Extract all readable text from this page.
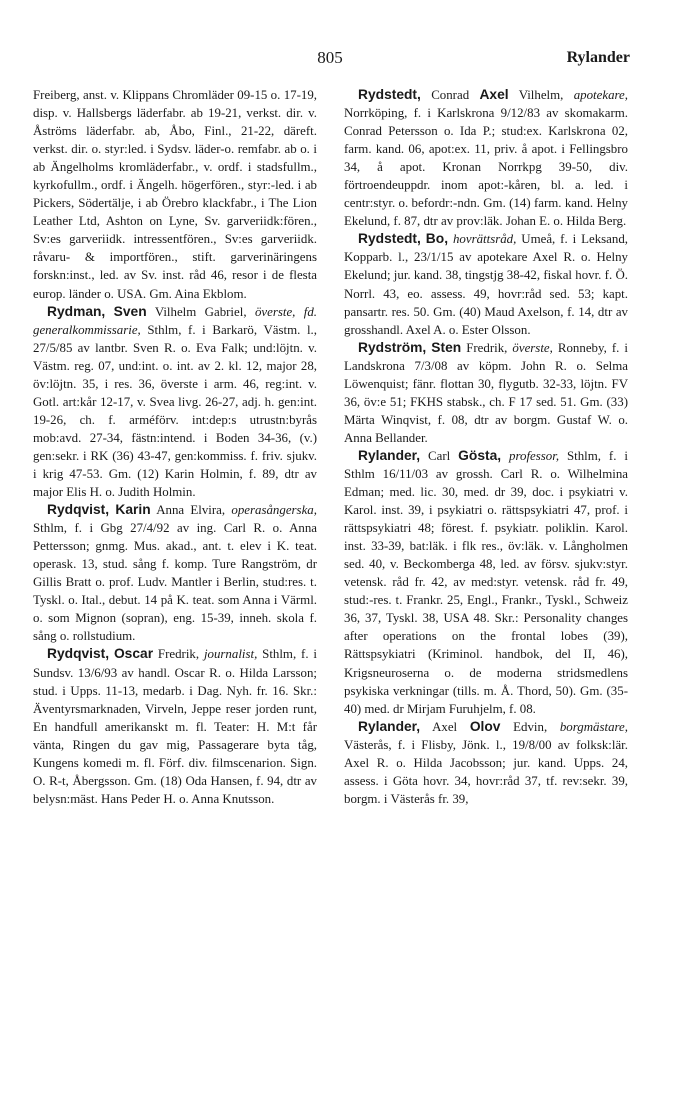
805	Rylander

Freiberg, anst. v. Klippans Chromläder 09-15 o. 17-19, disp. v. Hallsbergs läderfabr. ab 19-21, verkst. dir. v. Åströms läderfabr. ab, Åbo, Finl., 21-22, däreft. verkst. dir. o. styr:led. i Sydsv. läder-o. remfabr. ab o. i ab Ängelholms kromläderfabr., v. ordf. i stadsfullm., kyrkofullm., ordf. i Ängelh. högerfören., styr:-led. i ab Pickers, Södertälje, i ab Örebro klackfabr., i The Lion Leather Ltd, Ashton on Lyne, Sv. garveriidk:fören., Sv:es garveriidk. intressentfören., Sv:es garveriidk. råvaru- & importfören., stift. garverinäringens forskn:inst., led. av Sv. inst. råd 46, resor i de flesta europ. länder o. USA. Gm. Aina Ekblom.

Rydman, Sven Vilhelm Gabriel, överste, fd. generalkommissarie, Sthlm, f. i Barkarö, Västm. l., 27/5/85 av lantbr. Sven R. o. Eva Falk; und:löjtn. v. Västm. reg. 07, und:int. o. int. av 2. kl. 12, major 28, öv:löjtn. 35, i res. 36, överste i arm. 46, reg:int. v. Gotl. art:kår 12-17, v. Svea livg. 26-27, adj. h. gen:int. 19-26, ch. f. arméförv. int:dep:s utrustn:byrås mob:avd. 27-34, fästn:intend. i Boden 34-36, (v.) gen:sekr. i RK (36) 43-47, gen:kommiss. f. friv. sjukv. i krig 47-53. Gm. (12) Karin Holmin, f. 89, dtr av major Elis H. o. Judith Holmin.

Rydqvist, Karin Anna Elvira, operasångerska, Sthlm, f. i Gbg 27/4/92 av ing. Carl R. o. Anna Pettersson; gnmg. Mus. akad., ant. t. elev i K. teat. operask. 13, stud. sång f. komp. Ture Rangström, dr Gillis Bratt o. prof. Ludv. Mantler i Berlin, stud:res. t. Tyskl. o. Ital., debut. 14 på K. teat. som Anna i Värml. o. som Mignon (sopran), eng. 15-39, inneh. skola f. sång o. rollstudium.

Rydqvist, Oscar Fredrik, journalist, Sthlm, f. i Sundsv. 13/6/93 av handl. Oscar R. o. Hilda Larsson; stud. i Upps. 11-13, medarb. i Dag. Nyh. fr. 16. Skr.: Äventyrsmarknaden, Virveln, Jeppe reser jorden runt, En handfull amerikanskt m. fl. Teater: H. M:t får vänta, Ringen du gav mig, Passagerare byta tåg, Kungens komedi m. fl. Förf. div. filmscenarion. Sign. O. R-t, Åbergsson. Gm. (18) Oda Hansen, f. 94, dtr av belysn:mäst. Hans Peder H. o. Anna Knutsson.

Rydstedt, Conrad Axel Vilhelm, apotekare, Norrköping, f. i Karlskrona 9/12/83 av skomakarm. Conrad Petersson o. Ida P.; stud:ex. Karlskrona 02, farm. kand. 06, apot:ex. 11, priv. å apot. i Fellingsbro 34, å apot. Kronan Norrkpg 39-50, div. förtroendeuppdr. inom apot:-kåren, bl. a. led. i centr:styr. o. befordr:-ndn. Gm. (14) farm. kand. Helny Ekelund, f. 87, dtr av prov:läk. Johan E. o. Hilda Berg.

Rydstedt, Bo, hovrättsråd, Umeå, f. i Leksand, Kopparb. l., 23/1/15 av apotekare Axel R. o. Helny Ekelund; jur. kand. 38, tingstjg 38-42, fiskal hovr. f. Ö. Norrl. 43, eo. assess. 49, hovr:råd sed. 53; kapt. pansartr. res. 50. Gm. (40) Maud Axelson, f. 14, dtr av grosshandl. Axel A. o. Ester Olsson.

Rydström, Sten Fredrik, överste, Ronneby, f. i Landskrona 7/3/08 av köpm. John R. o. Selma Löwenquist; fänr. flottan 30, flygutb. 32-33, löjtn. FV 36, öv:e 51; FKHS stabsk., ch. F 17 sed. 51. Gm. (33) Märta Winqvist, f. 08, dtr av borgm. Gustaf W. o. Anna Bellander.

Rylander, Carl Gösta, professor, Sthlm, f. i Sthlm 16/11/03 av grossh. Carl R. o. Wilhelmina Edman; med. lic. 30, med. dr 39, doc. i psykiatri v. Karol. inst. 39, i psykiatri o. rättspsykiatri 47, prof. i rättspsykiatri 48; förest. f. psykiatr. poliklin. Karol. inst. 33-39, bat:läk. i flk res., öv:läk. v. Långholmen sed. 40, v. Beckomberga 48, led. av försv. sjukv:styr. vetensk. råd fr. 42, av med:styr. vetensk. råd fr. 49, stud:-res. t. Frankr. 25, Engl., Frankr., Tyskl., Schweiz 36, 37, Tyskl. 38, USA 48. Skr.: Personality changes after operations on the frontal lobes (39), Rättspsykiatri (Kriminol. handbok, del II, 46), Krigsneuroserna o. de moderna stridsmedlens psykiska verkningar (tills. m. Å. Thord, 50). Gm. (35-40) med. dr Mirjam Furuhjelm, f. 08.

Rylander, Axel Olov Edvin, borgmästare, Västerås, f. i Flisby, Jönk. l., 19/8/00 av folksk:lär. Axel R. o. Hilda Jacobsson; jur. kand. Upps. 24, assess. i Göta hovr. 34, hovr:råd 37, tf. rev:sekr. 39, borgm. i Västerås fr. 39,
